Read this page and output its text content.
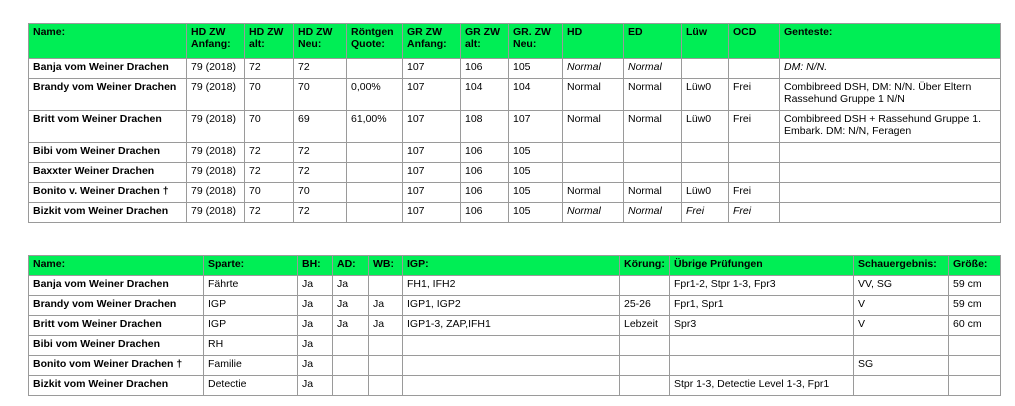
Name:	HD ZW Anfang:	HD ZW alt:	HD ZW Neu:	Röntgen Quote:	GR ZW Anfang:	GR ZW alt:	GR. ZW Neu:	HD	ED	Lüw	OCD	Genteste:
Banja vom Weiner Drachen	79 (2018)	72	72		107	106	105	Normal	Normal			DM: N/N.
Brandy vom Weiner Drachen	79 (2018)	70	70	0,00%	107	104	104	Normal	Normal	Lüw0	Frei	Combibreed DSH, DM: N/N. Über Eltern Rassehund Gruppe 1 N/N
Britt vom Weiner Drachen	79 (2018)	70	69	61,00%	107	108	107	Normal	Normal	Lüw0	Frei	Combibreed DSH + Rassehund Gruppe 1. Embark. DM: N/N, Feragen
Bibi vom Weiner Drachen	79 (2018)	72	72		107	106	105					
Baxxter Weiner Drachen	79 (2018)	72	72		107	106	105					
Bonito v. Weiner Drachen †	79 (2018)	70	70		107	106	105	Normal	Normal	Lüw0	Frei	
Bizkit vom Weiner Drachen	79 (2018)	72	72		107	106	105	Normal	Normal	Frei	Frei	
Name:	Sparte:	BH:	AD:	WB:	IGP:	Körung:	Übrige Prüfungen	Schauergebnis:	Größe:
Banja vom Weiner Drachen	Fährte	Ja	Ja		FH1, IFH2		Fpr1-2, Stpr 1-3, Fpr3	VV, SG	59 cm
Brandy vom Weiner Drachen	IGP	Ja	Ja	Ja	IGP1, IGP2	25-26	Fpr1, Spr1	V	59 cm
Britt vom Weiner Drachen	IGP	Ja	Ja	Ja	IGP1-3, ZAP,IFH1	Lebzeit	Spr3	V	60 cm
Bibi vom Weiner Drachen	RH	Ja							
Bonito vom Weiner Drachen †	Familie	Ja						SG	
Bizkit vom Weiner Drachen	Detectie	Ja					Stpr 1-3, Detectie Level 1-3, Fpr1		
